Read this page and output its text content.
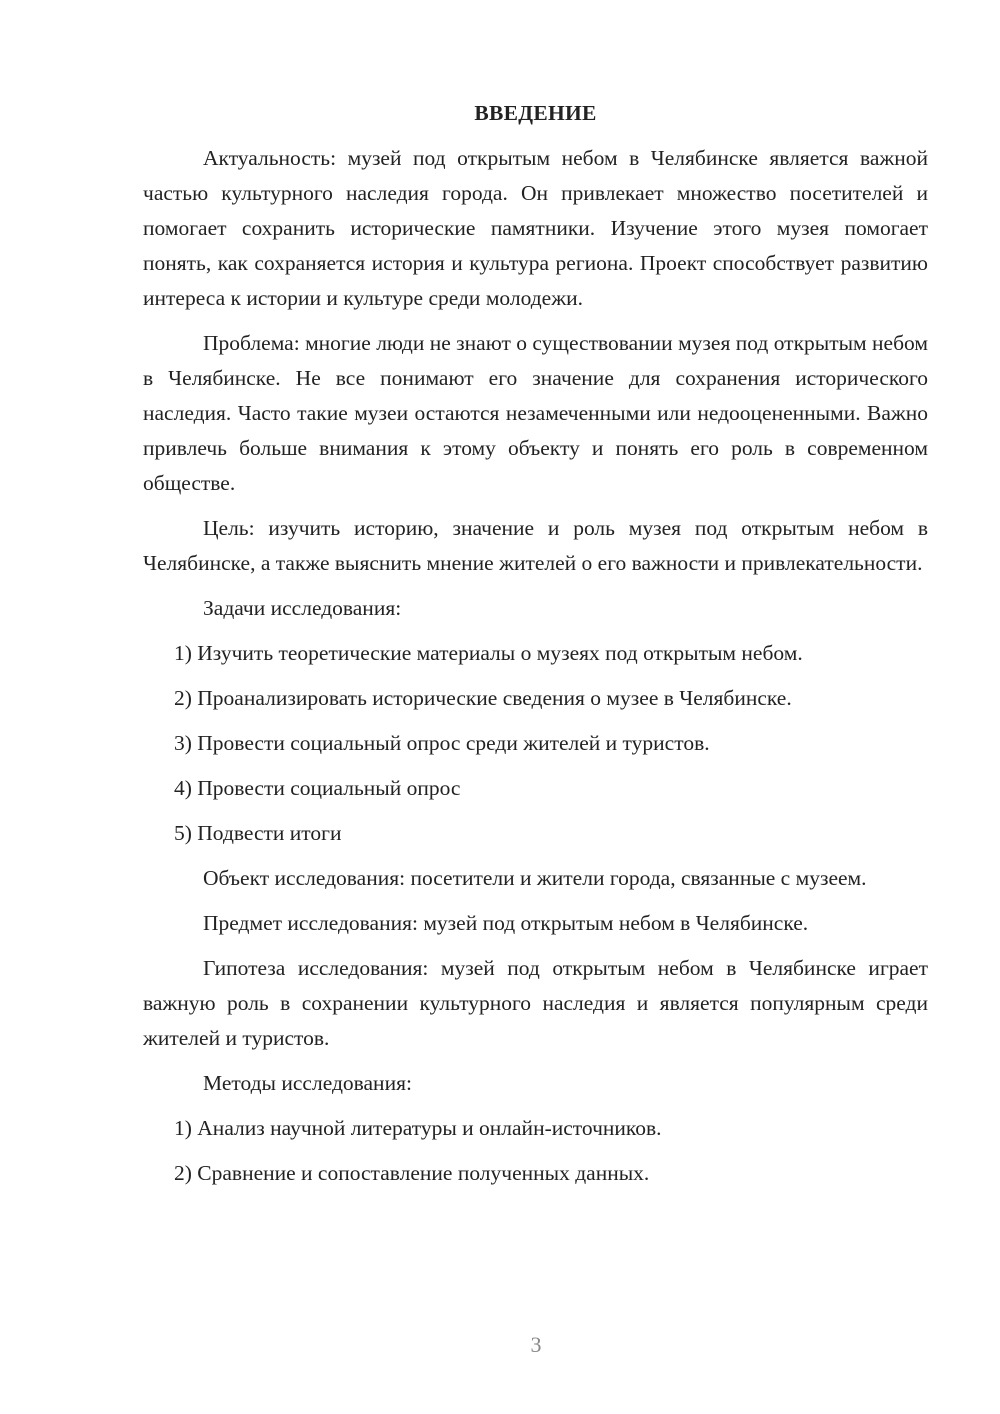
ВВЕДЕНИЕ

Актуальность: музей под открытым небом в Челябинске является важной частью культурного наследия города. Он привлекает множество посетителей и помогает сохранить исторические памятники. Изучение этого музея помогает понять, как сохраняется история и культура региона. Проект способствует развитию интереса к истории и культуре среди молодежи.

Проблема: многие люди не знают о существовании музея под открытым небом в Челябинске. Не все понимают его значение для сохранения исторического наследия. Часто такие музеи остаются незамеченными или недооцененными. Важно привлечь больше внимания к этому объекту и понять его роль в современном обществе.

Цель: изучить историю, значение и роль музея под открытым небом в Челябинске, а также выяснить мнение жителей о его важности и привлекательности.

Задачи исследования:

1) Изучить теоретические материалы о музеях под открытым небом.

2) Проанализировать исторические сведения о музее в Челябинске.

3) Провести социальный опрос среди жителей и туристов.

4) Провести социальный опрос

5) Подвести итоги

Объект исследования: посетители и жители города, связанные с музеем.

Предмет исследования: музей под открытым небом в Челябинске.

Гипотеза исследования: музей под открытым небом в Челябинске играет важную роль в сохранении культурного наследия и является популярным среди жителей и туристов.

Методы исследования:

1) Анализ научной литературы и онлайн-источников.

2) Сравнение и сопоставление полученных данных.

3
